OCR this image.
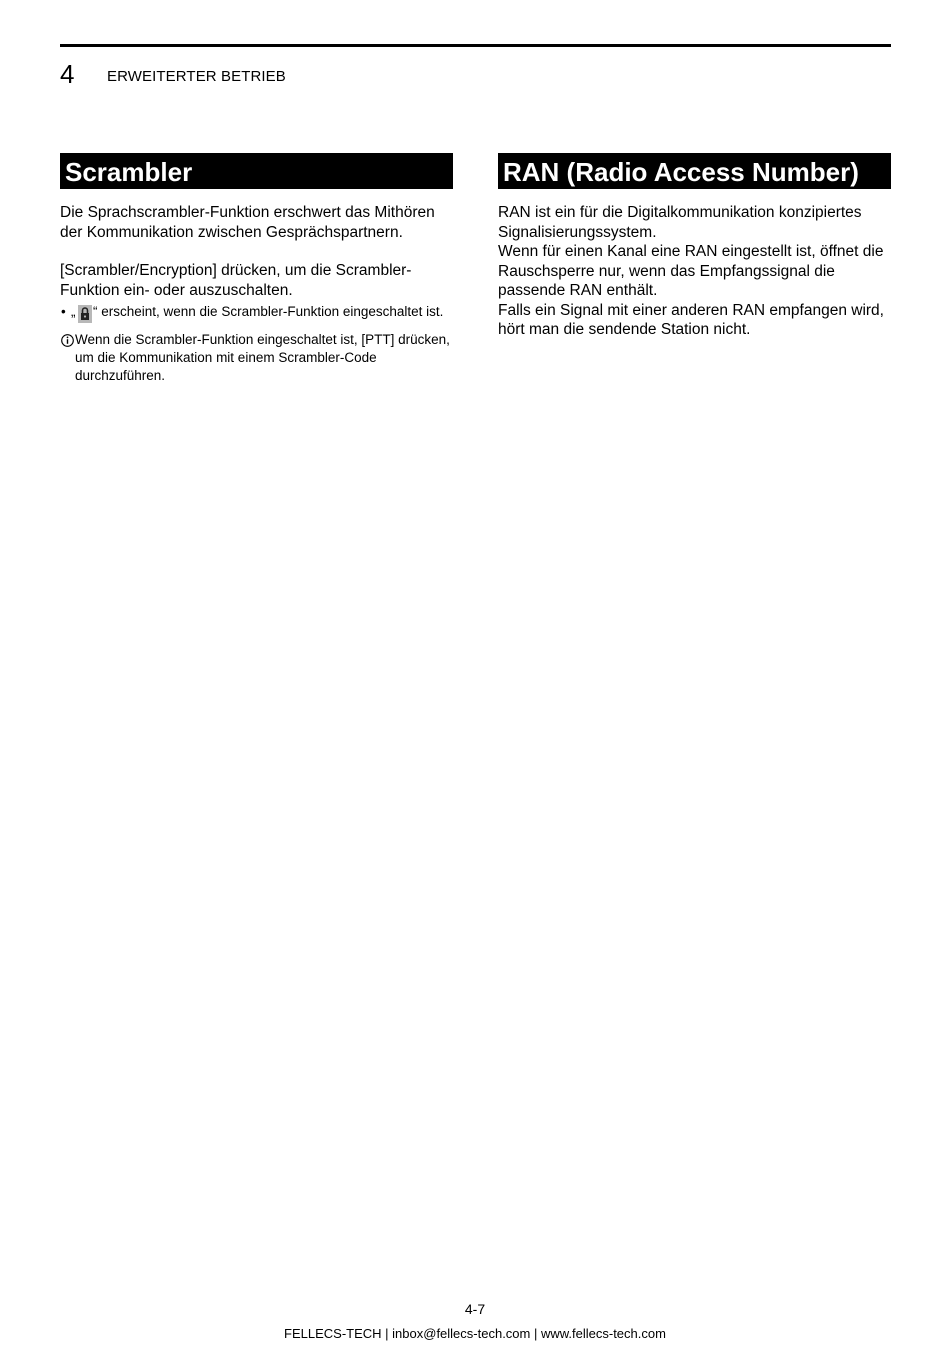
4 ERWEITERTER BETRIEB
Scrambler

Die Sprachscrambler-Funktion erschwert das Mithören der Kommunikation zwischen Gesprächspartnern.

[Scrambler/Encryption] drücken, um die Scrambler-Funktion ein- oder auszuschalten.

• „ “ erscheint, wenn die Scrambler-Funktion eingeschaltet ist.
Wenn die Scrambler-Funktion eingeschaltet ist, [PTT] drücken, um die Kommunikation mit einem Scrambler-Code durchzuführen.
RAN (Radio Access Number)

RAN ist ein für die Digitalkommunikation konzipiertes Signalisierungssystem.

Wenn für einen Kanal eine RAN eingestellt ist, öffnet die Rauschsperre nur, wenn das Empfangssignal die passende RAN enthält.

Falls ein Signal mit einer anderen RAN empfangen wird, hört man die sendende Station nicht.

4-7
FELLECS-TECH | inbox@fellecs-tech.com | www.fellecs-tech.com
